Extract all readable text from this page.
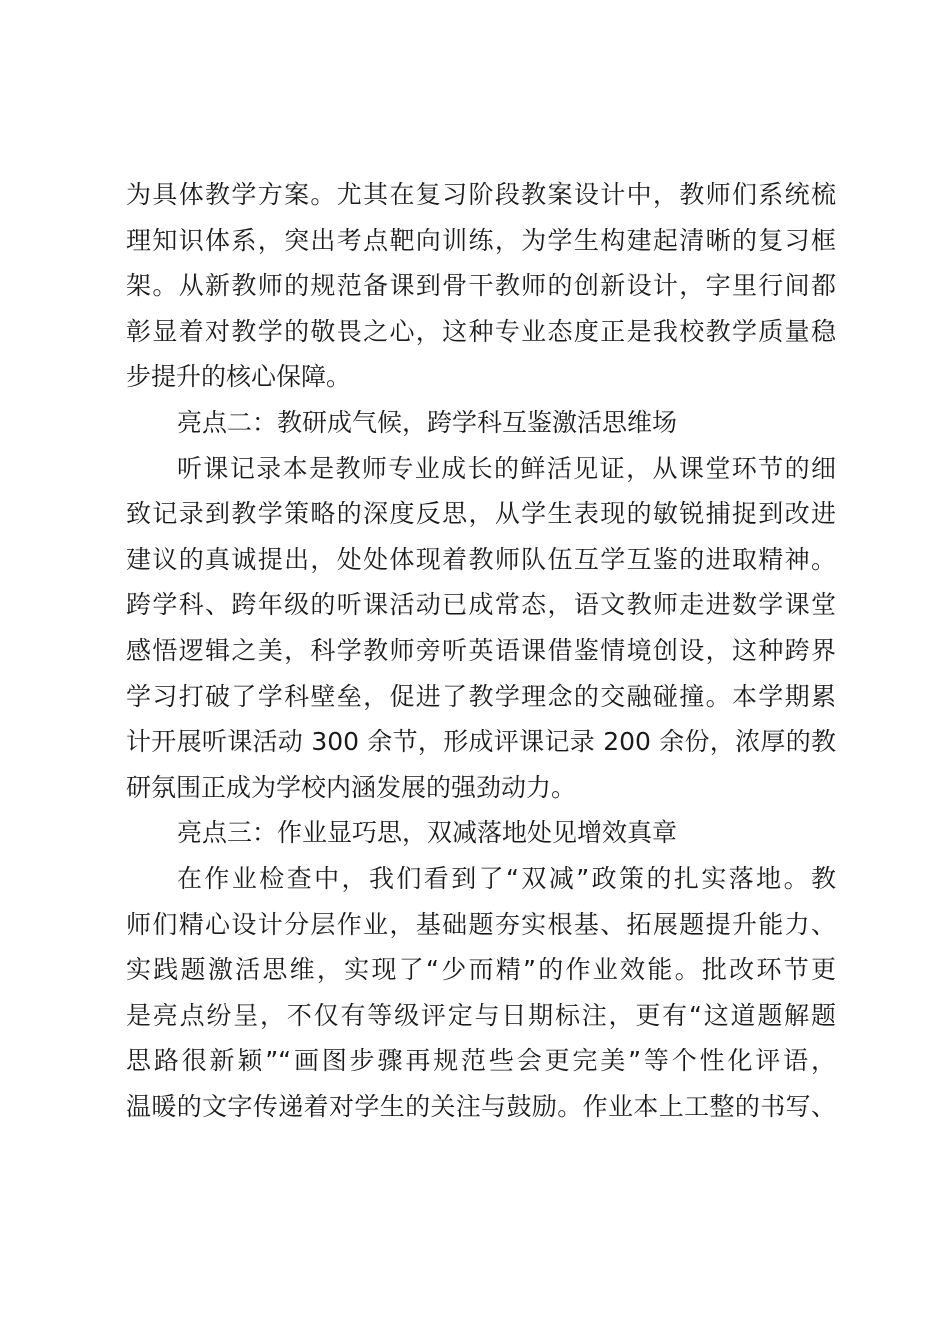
为具体教学方案。尤其在复习阶段教案设计中，教师们系统梳
理知识体系，突出考点靶向训练，为学生构建起清晰的复习框
架。从新教师的规范备课到骨干教师的创新设计，字里行间都
彰显着对教学的敬畏之心，这种专业态度正是我校教学质量稳
步提升的核心保障。
亮点二：教研成气候，跨学科互鉴激活思维场
听课记录本是教师专业成长的鲜活见证，从课堂环节的细
致记录到教学策略的深度反思，从学生表现的敏锐捕捉到改进
建议的真诚提出，处处体现着教师队伍互学互鉴的进取精神。
跨学科、跨年级的听课活动已成常态，语文教师走进数学课堂
感悟逻辑之美，科学教师旁听英语课借鉴情境创设，这种跨界
学习打破了学科壁垒，促进了教学理念的交融碰撞。本学期累
计开展听课活动 300 余节，形成评课记录 200 余份，浓厚的教
研氛围正成为学校内涵发展的强劲动力。
亮点三：作业显巧思，双减落地处见增效真章
在作业检查中，我们看到了“双减”政策的扎实落地。教
师们精心设计分层作业，基础题夯实根基、拓展题提升能力、
实践题激活思维，实现了“少而精”的作业效能。批改环节更
是亮点纷呈，不仅有等级评定与日期标注，更有“这道题解题
思路很新颖”“画图步骤再规范些会更完美”等个性化评语，
温暖的文字传递着对学生的关注与鼓励。作业本上工整的书写、
